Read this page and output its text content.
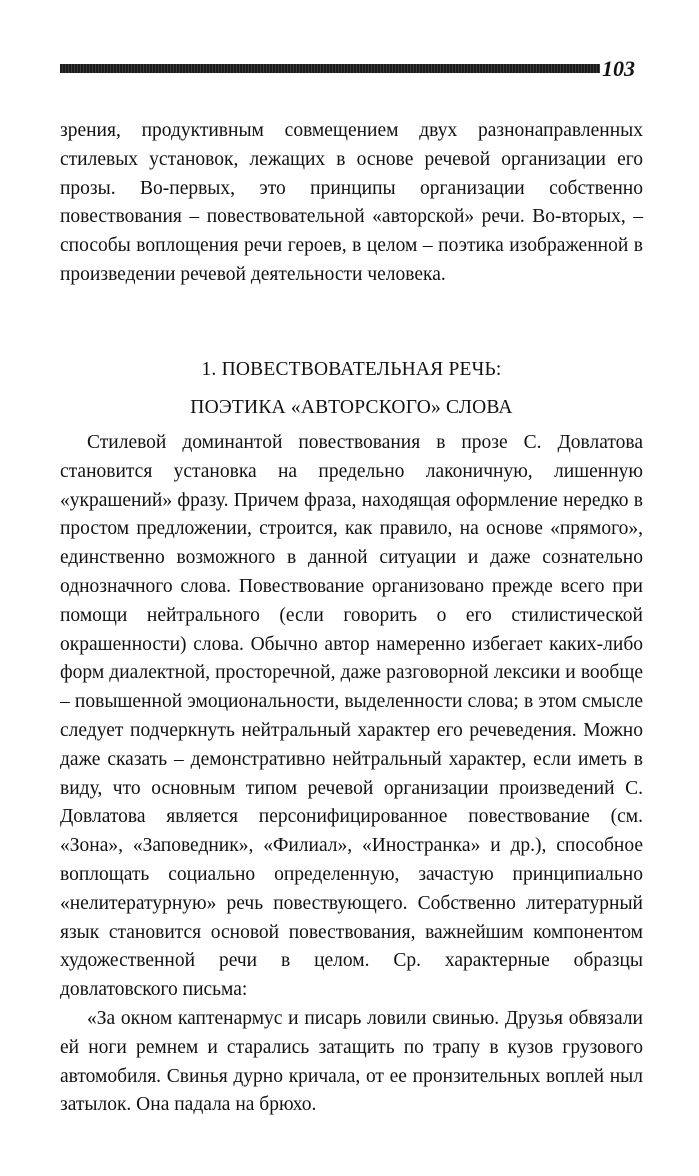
103

зрения, продуктивным совмещением двух разнонаправленных стилевых установок, лежащих в основе речевой организации его прозы. Во-первых, это принципы организации собственно повествования – повествовательной «авторской» речи. Во-вторых, – способы воплощения речи героев, в целом – поэтика изображенной в произведении речевой деятельности человека.

1. ПОВЕСТВОВАТЕЛЬНАЯ РЕЧЬ:
ПОЭТИКА «АВТОРСКОГО» СЛОВА

Стилевой доминантой повествования в прозе С. Довлатова становится установка на предельно лаконичную, лишенную «украшений» фразу. Причем фраза, находящая оформление нередко в простом предложении, строится, как правило, на основе «прямого», единственно возможного в данной ситуации и даже сознательно однозначного слова. Повествование организовано прежде всего при помощи нейтрального (если говорить о его стилистической окрашенности) слова. Обычно автор намеренно избегает каких-либо форм диалектной, просторечной, даже разговорной лексики и вообще – повышенной эмоциональности, выделенности слова; в этом смысле следует подчеркнуть нейтральный характер его речеведения. Можно даже сказать – демонстративно нейтральный характер, если иметь в виду, что основным типом речевой организации произведений С. Довлатова является персонифицированное повествование (см. «Зона», «Заповедник», «Филиал», «Иностранка» и др.), способное воплощать социально определенную, зачастую принципиально «нелитературную» речь повествующего. Собственно литературный язык становится основой повествования, важнейшим компонентом художественной речи в целом. Ср. характерные образцы довлатовского письма:

«За окном каптенармус и писарь ловили свинью. Друзья обвязали ей ноги ремнем и старались затащить по трапу в кузов грузового автомобиля. Свинья дурно кричала, от ее пронзительных воплей ныл затылок. Она падала на брюхо.
